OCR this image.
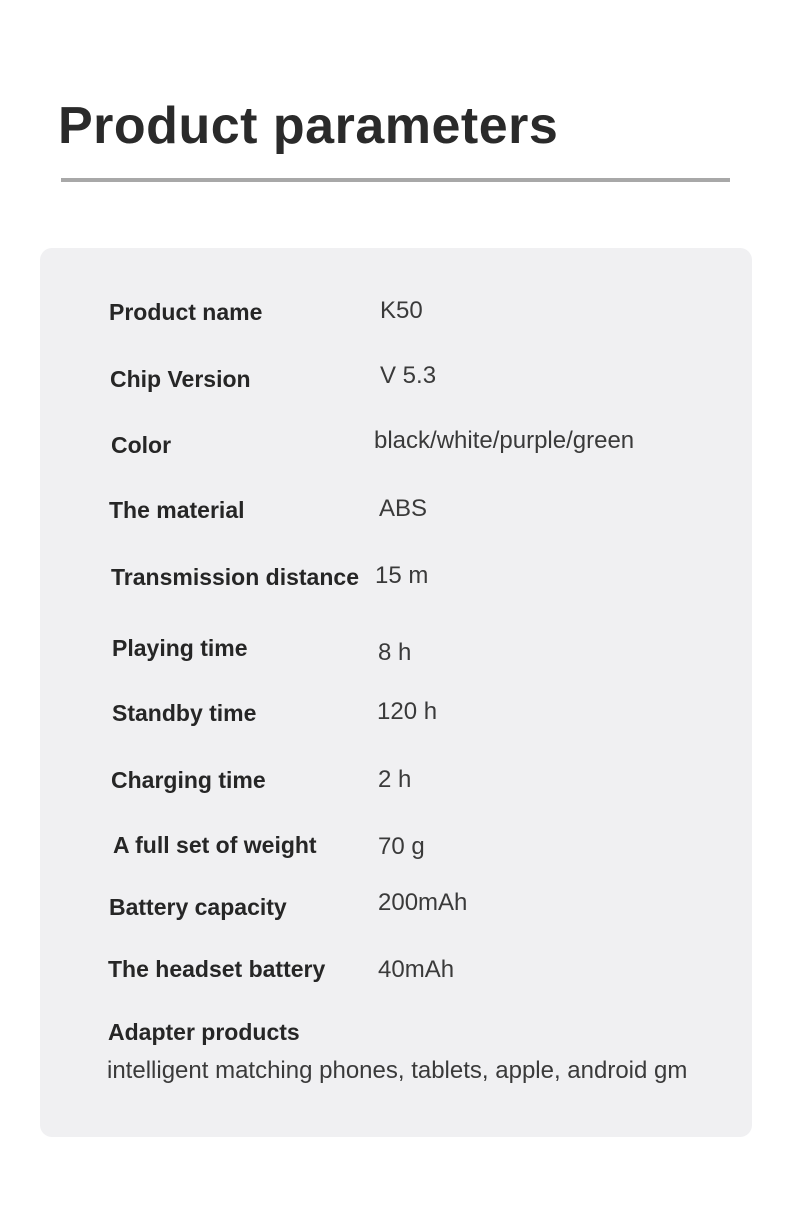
Product parameters
Product name	K50
Chip Version	V 5.3
Color	black/white/purple/green
The material	ABS
Transmission distance 15 m
Playing time	8 h
Standby time	120 h
Charging time	2 h
A full set of weight	70 g
Battery capacity	200mAh
The headset battery 40mAh
Adapter products
intelligent matching phones, tablets, apple, android gm
